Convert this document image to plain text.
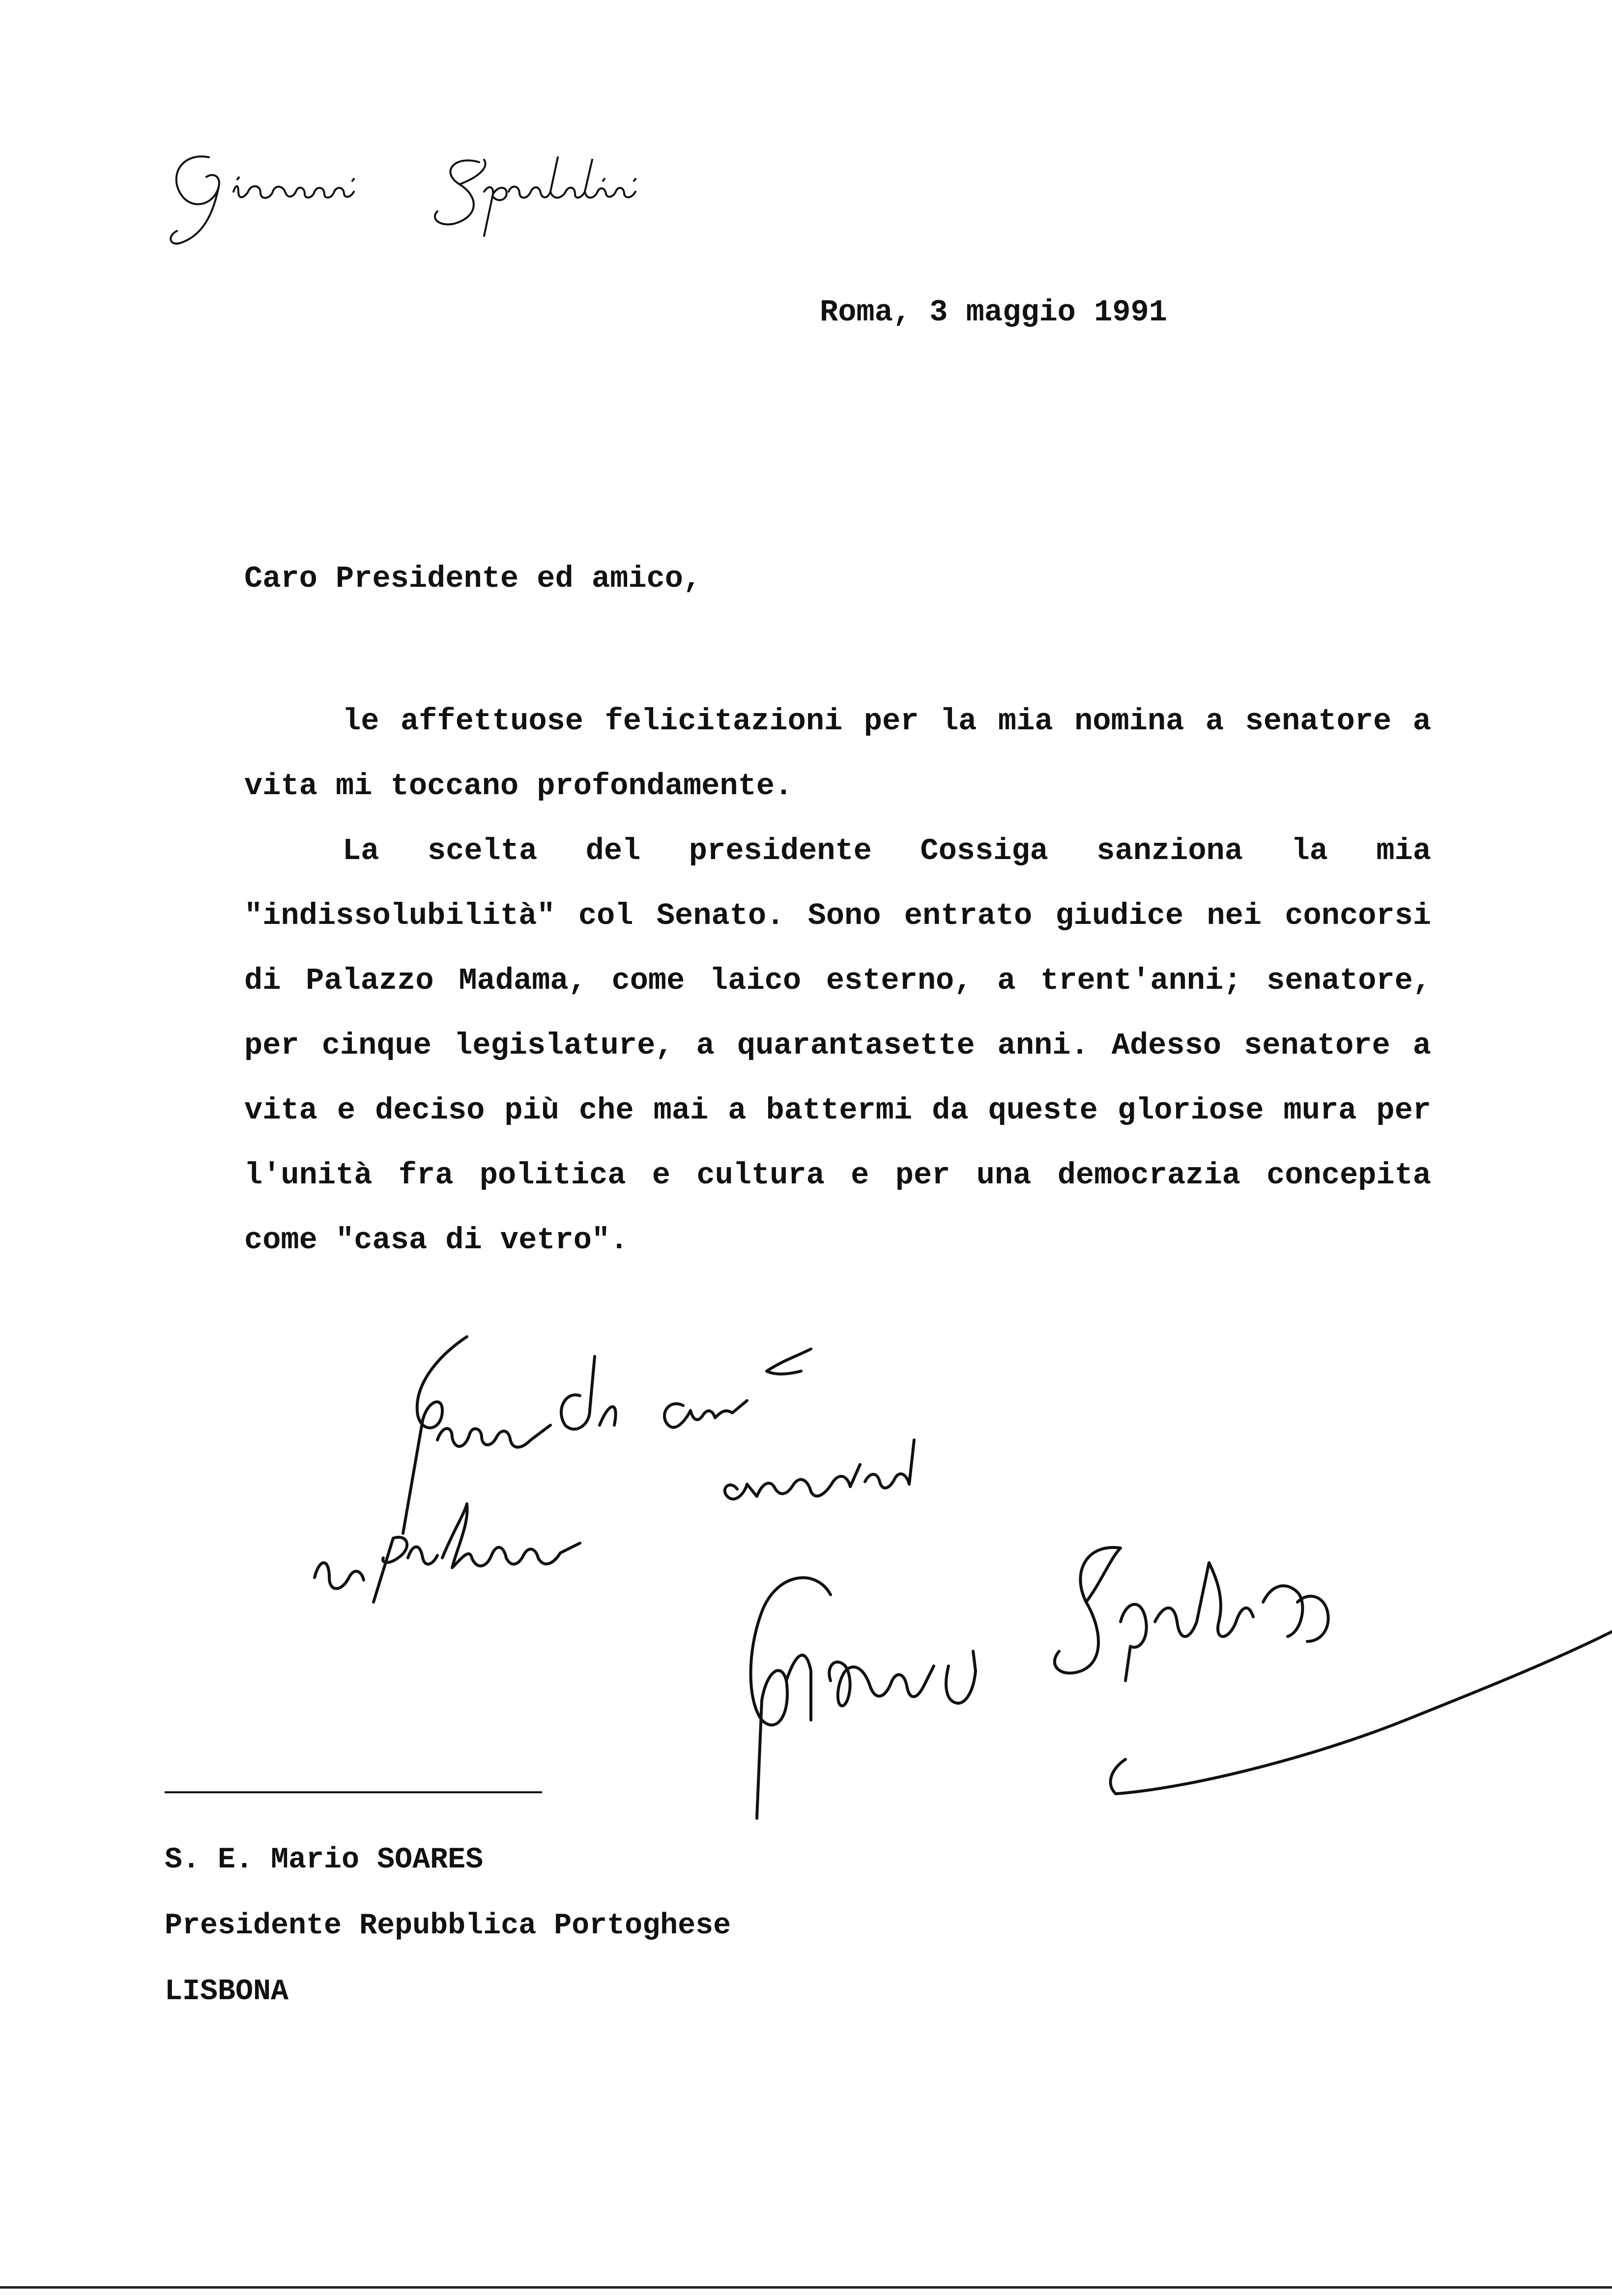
Roma, 3 maggio 1991
Caro Presidente ed amico,

le affettuose felicitazioni per la mia nomina a senatore a vita mi toccano profondamente.

La scelta del presidente Cossiga sanziona la mia "indissolubilità" col Senato. Sono entrato giudice nei concorsi di Palazzo Madama, come laico esterno, a trent'anni; senatore, per cinque legislature, a quarantasette anni. Adesso senatore a vita e deciso più che mai a battermi da queste gloriose mura per l'unità fra politica e cultura e per una democrazia concepita come "casa di vetro".

S. E. Mario SOARES
Presidente Repubblica Portoghese
LISBONA
